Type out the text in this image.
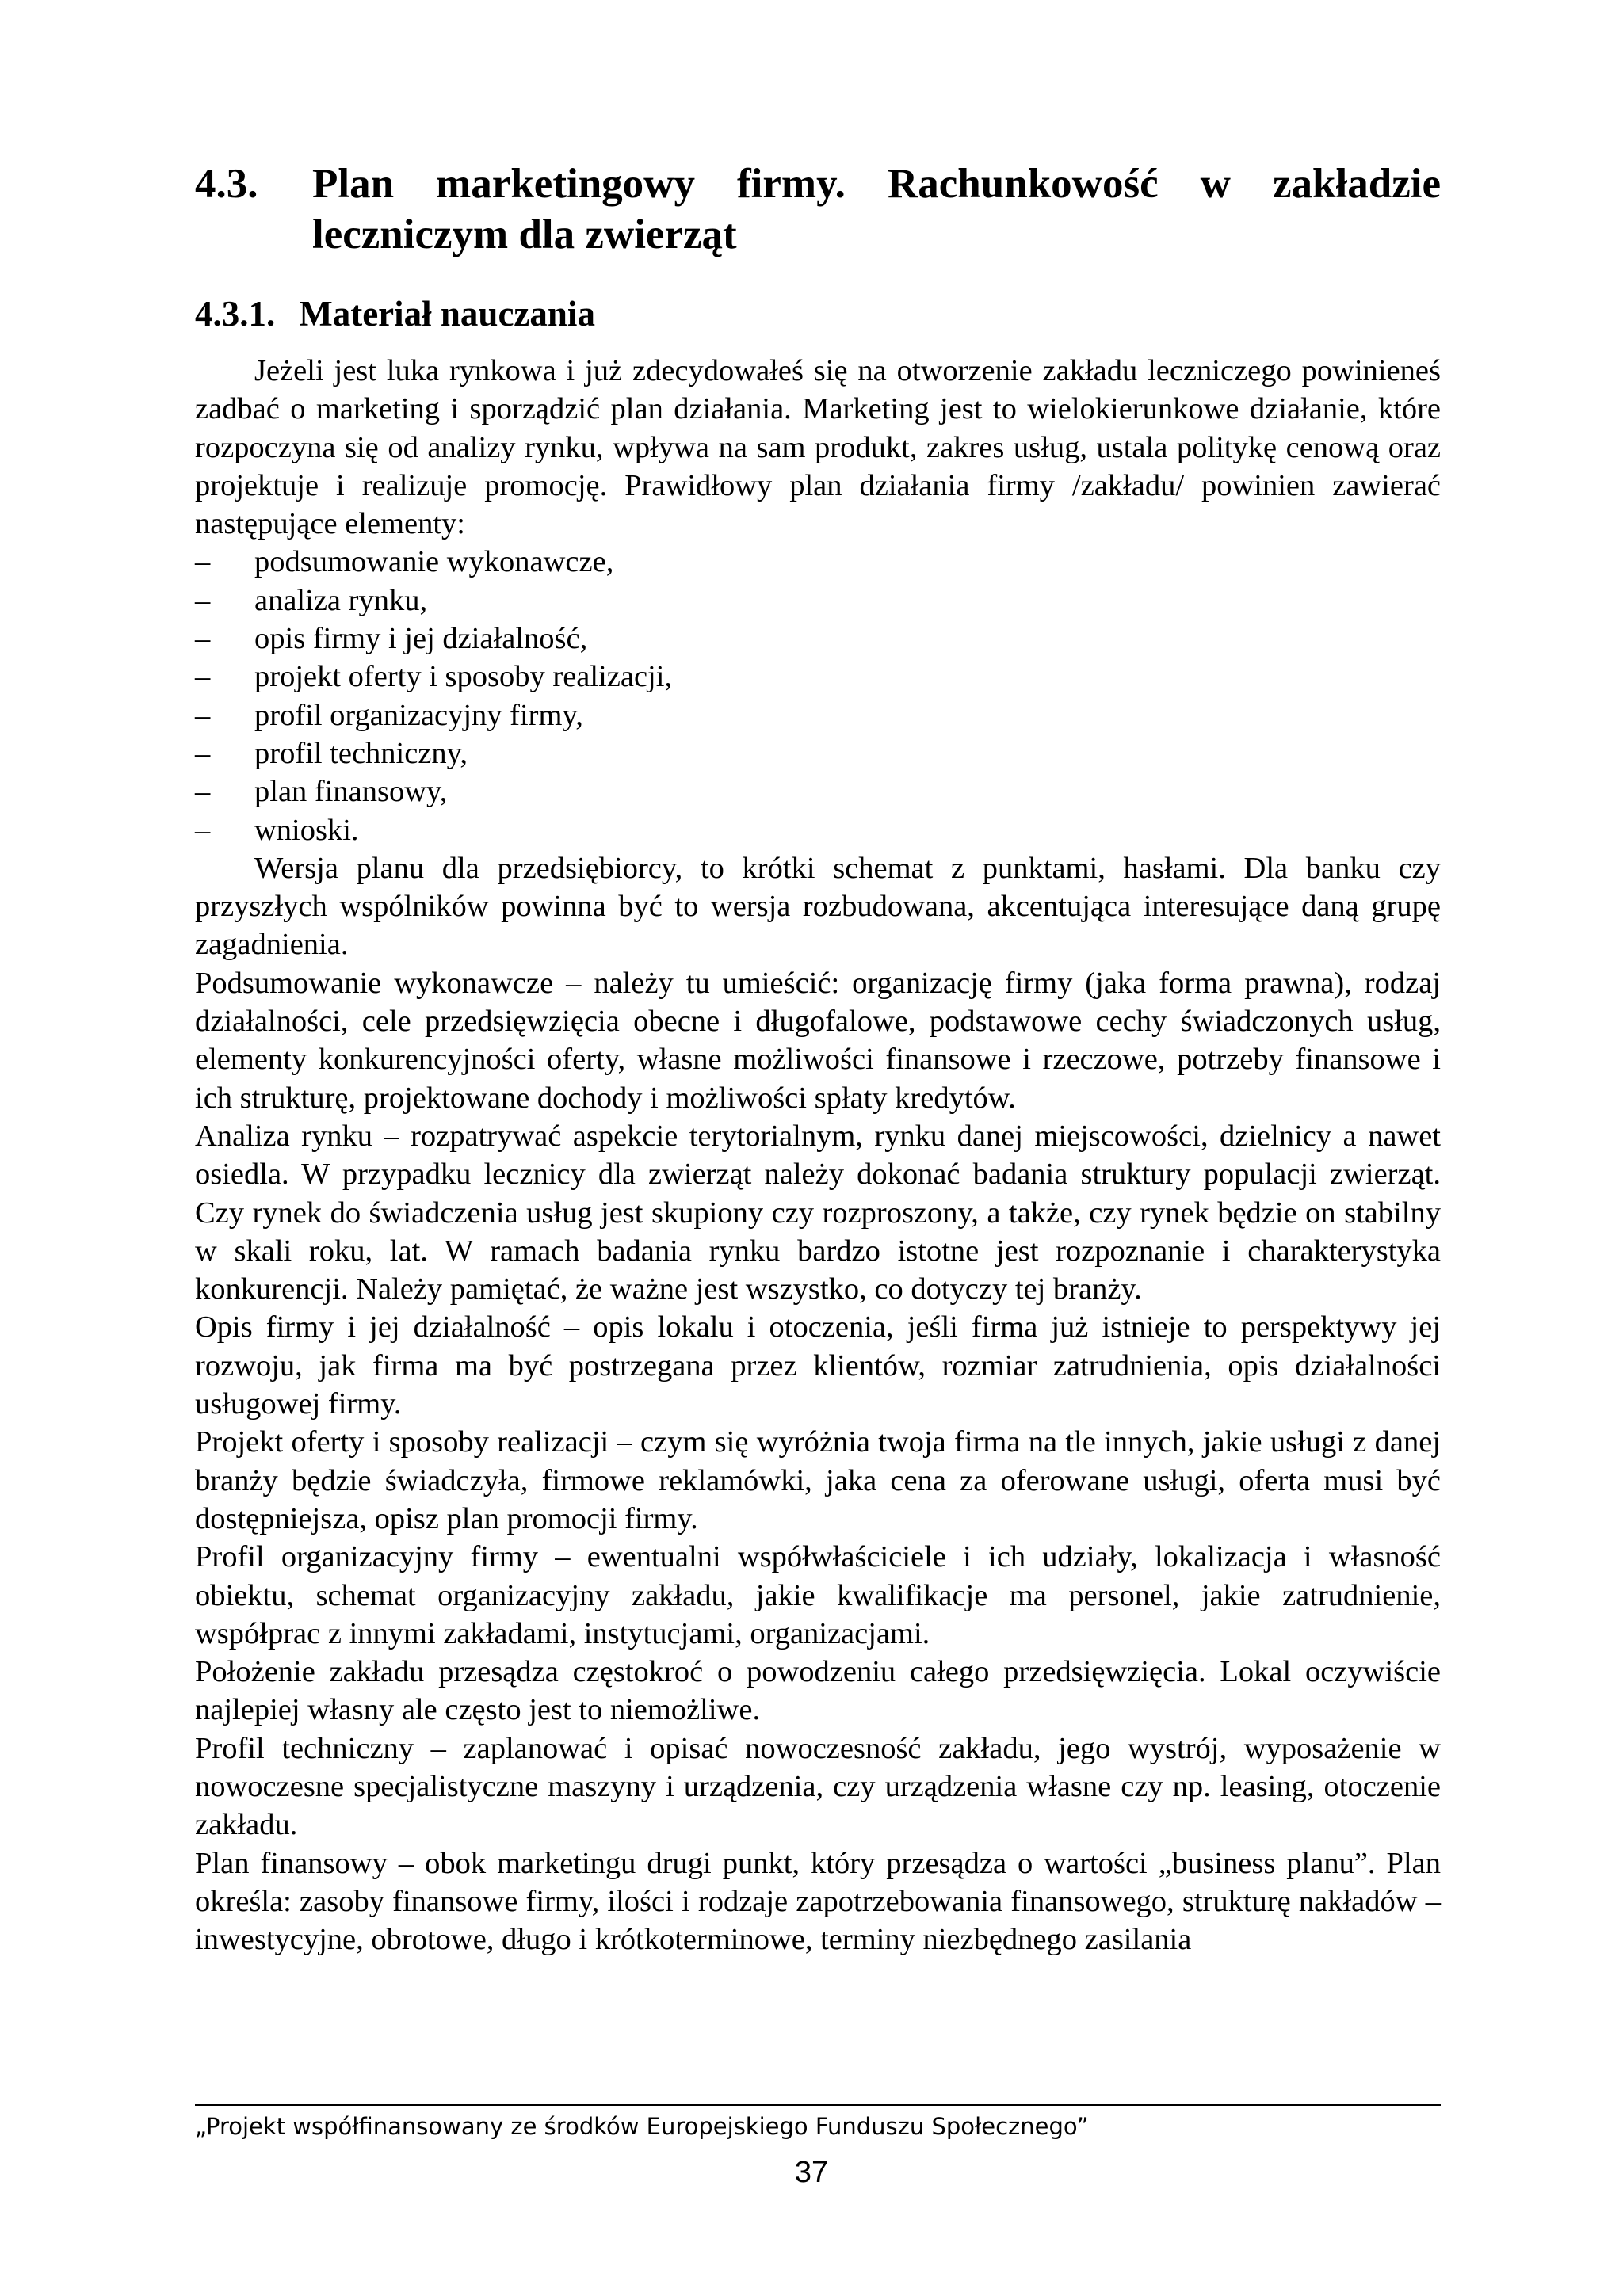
4.3. Plan marketingowy firmy. Rachunkowość w zakładzie leczniczym dla zwierząt
4.3.1. Materiał nauczania

Jeżeli jest luka rynkowa i już zdecydowałeś się na otworzenie zakładu leczniczego powinieneś zadbać o marketing i sporządzić plan działania. Marketing jest to wielokierunkowe działanie, które rozpoczyna się od analizy rynku, wpływa na sam produkt, zakres usług, ustala politykę cenową oraz projektuje i realizuje promocję. Prawidłowy plan działania firmy /zakładu/ powinien zawierać następujące elementy:

– podsumowanie wykonawcze,
– analiza rynku,
– opis firmy i jej działalność,
– projekt oferty i sposoby realizacji,
– profil organizacyjny firmy,
– profil techniczny,
– plan finansowy,
– wnioski.

Wersja planu dla przedsiębiorcy, to krótki schemat z punktami, hasłami. Dla banku czy przyszłych wspólników powinna być to wersja rozbudowana, akcentująca interesujące daną grupę zagadnienia.

Podsumowanie wykonawcze – należy tu umieścić: organizację firmy (jaka forma prawna), rodzaj działalności, cele przedsięwzięcia obecne i długofalowe, podstawowe cechy świadczonych usług, elementy konkurencyjności oferty, własne możliwości finansowe i rzeczowe, potrzeby finansowe i ich strukturę, projektowane dochody i możliwości spłaty kredytów.

Analiza rynku – rozpatrywać aspekcie terytorialnym, rynku danej miejscowości, dzielnicy a nawet osiedla. W przypadku lecznicy dla zwierząt należy dokonać badania struktury populacji zwierząt. Czy rynek do świadczenia usług jest skupiony czy rozproszony, a także, czy rynek będzie on stabilny w skali roku, lat. W ramach badania rynku bardzo istotne jest rozpoznanie i charakterystyka konkurencji. Należy pamiętać, że ważne jest wszystko, co dotyczy tej branży.

Opis firmy i jej działalność – opis lokalu i otoczenia, jeśli firma już istnieje to perspektywy jej rozwoju, jak firma ma być postrzegana przez klientów, rozmiar zatrudnienia, opis działalności usługowej firmy.

Projekt oferty i sposoby realizacji – czym się wyróżnia twoja firma na tle innych, jakie usługi z danej branży będzie świadczyła, firmowe reklamówki, jaka cena za oferowane usługi, oferta musi być dostępniejsza, opisz plan promocji firmy.

Profil organizacyjny firmy – ewentualni współwłaściciele i ich udziały, lokalizacja i własność obiektu, schemat organizacyjny zakładu, jakie kwalifikacje ma personel, jakie zatrudnienie, współprac z innymi zakładami, instytucjami, organizacjami.

Położenie zakładu przesądza częstokroć o powodzeniu całego przedsięwzięcia. Lokal oczywiście najlepiej własny ale często jest to niemożliwe.

Profil techniczny – zaplanować i opisać nowoczesność zakładu, jego wystrój, wyposażenie w nowoczesne specjalistyczne maszyny i urządzenia, czy urządzenia własne czy np. leasing, otoczenie zakładu.

Plan finansowy – obok marketingu drugi punkt, który przesądza o wartości „business planu”. Plan określa: zasoby finansowe firmy, ilości i rodzaje zapotrzebowania finansowego, strukturę nakładów – inwestycyjne, obrotowe, długo i krótkoterminowe, terminy niezbędnego zasilania

„Projekt współfinansowany ze środków Europejskiego Funduszu Społecznego”
37
